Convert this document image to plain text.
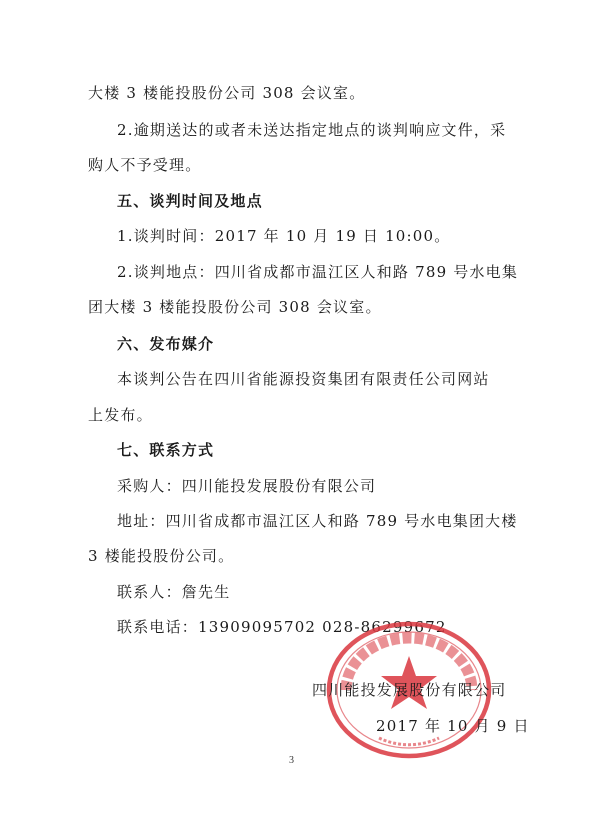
大楼 3 楼能投股份公司 308 会议室。
2.逾期送达的或者未送达指定地点的谈判响应文件，采
购人不予受理。
五、谈判时间及地点
1.谈判时间：2017 年 10 月 19 日 10:00。
2.谈判地点：四川省成都市温江区人和路 789 号水电集
团大楼 3 楼能投股份公司 308 会议室。
六、发布媒介
本谈判公告在四川省能源投资集团有限责任公司网站
上发布。
七、联系方式
采购人：四川能投发展股份有限公司
地址：四川省成都市温江区人和路 789 号水电集团大楼
3 楼能投股份公司。
联系人：詹先生
联系电话：13909095702 028-86299672
四川能投发展股份有限公司
2017 年 10 月 9 日
3
